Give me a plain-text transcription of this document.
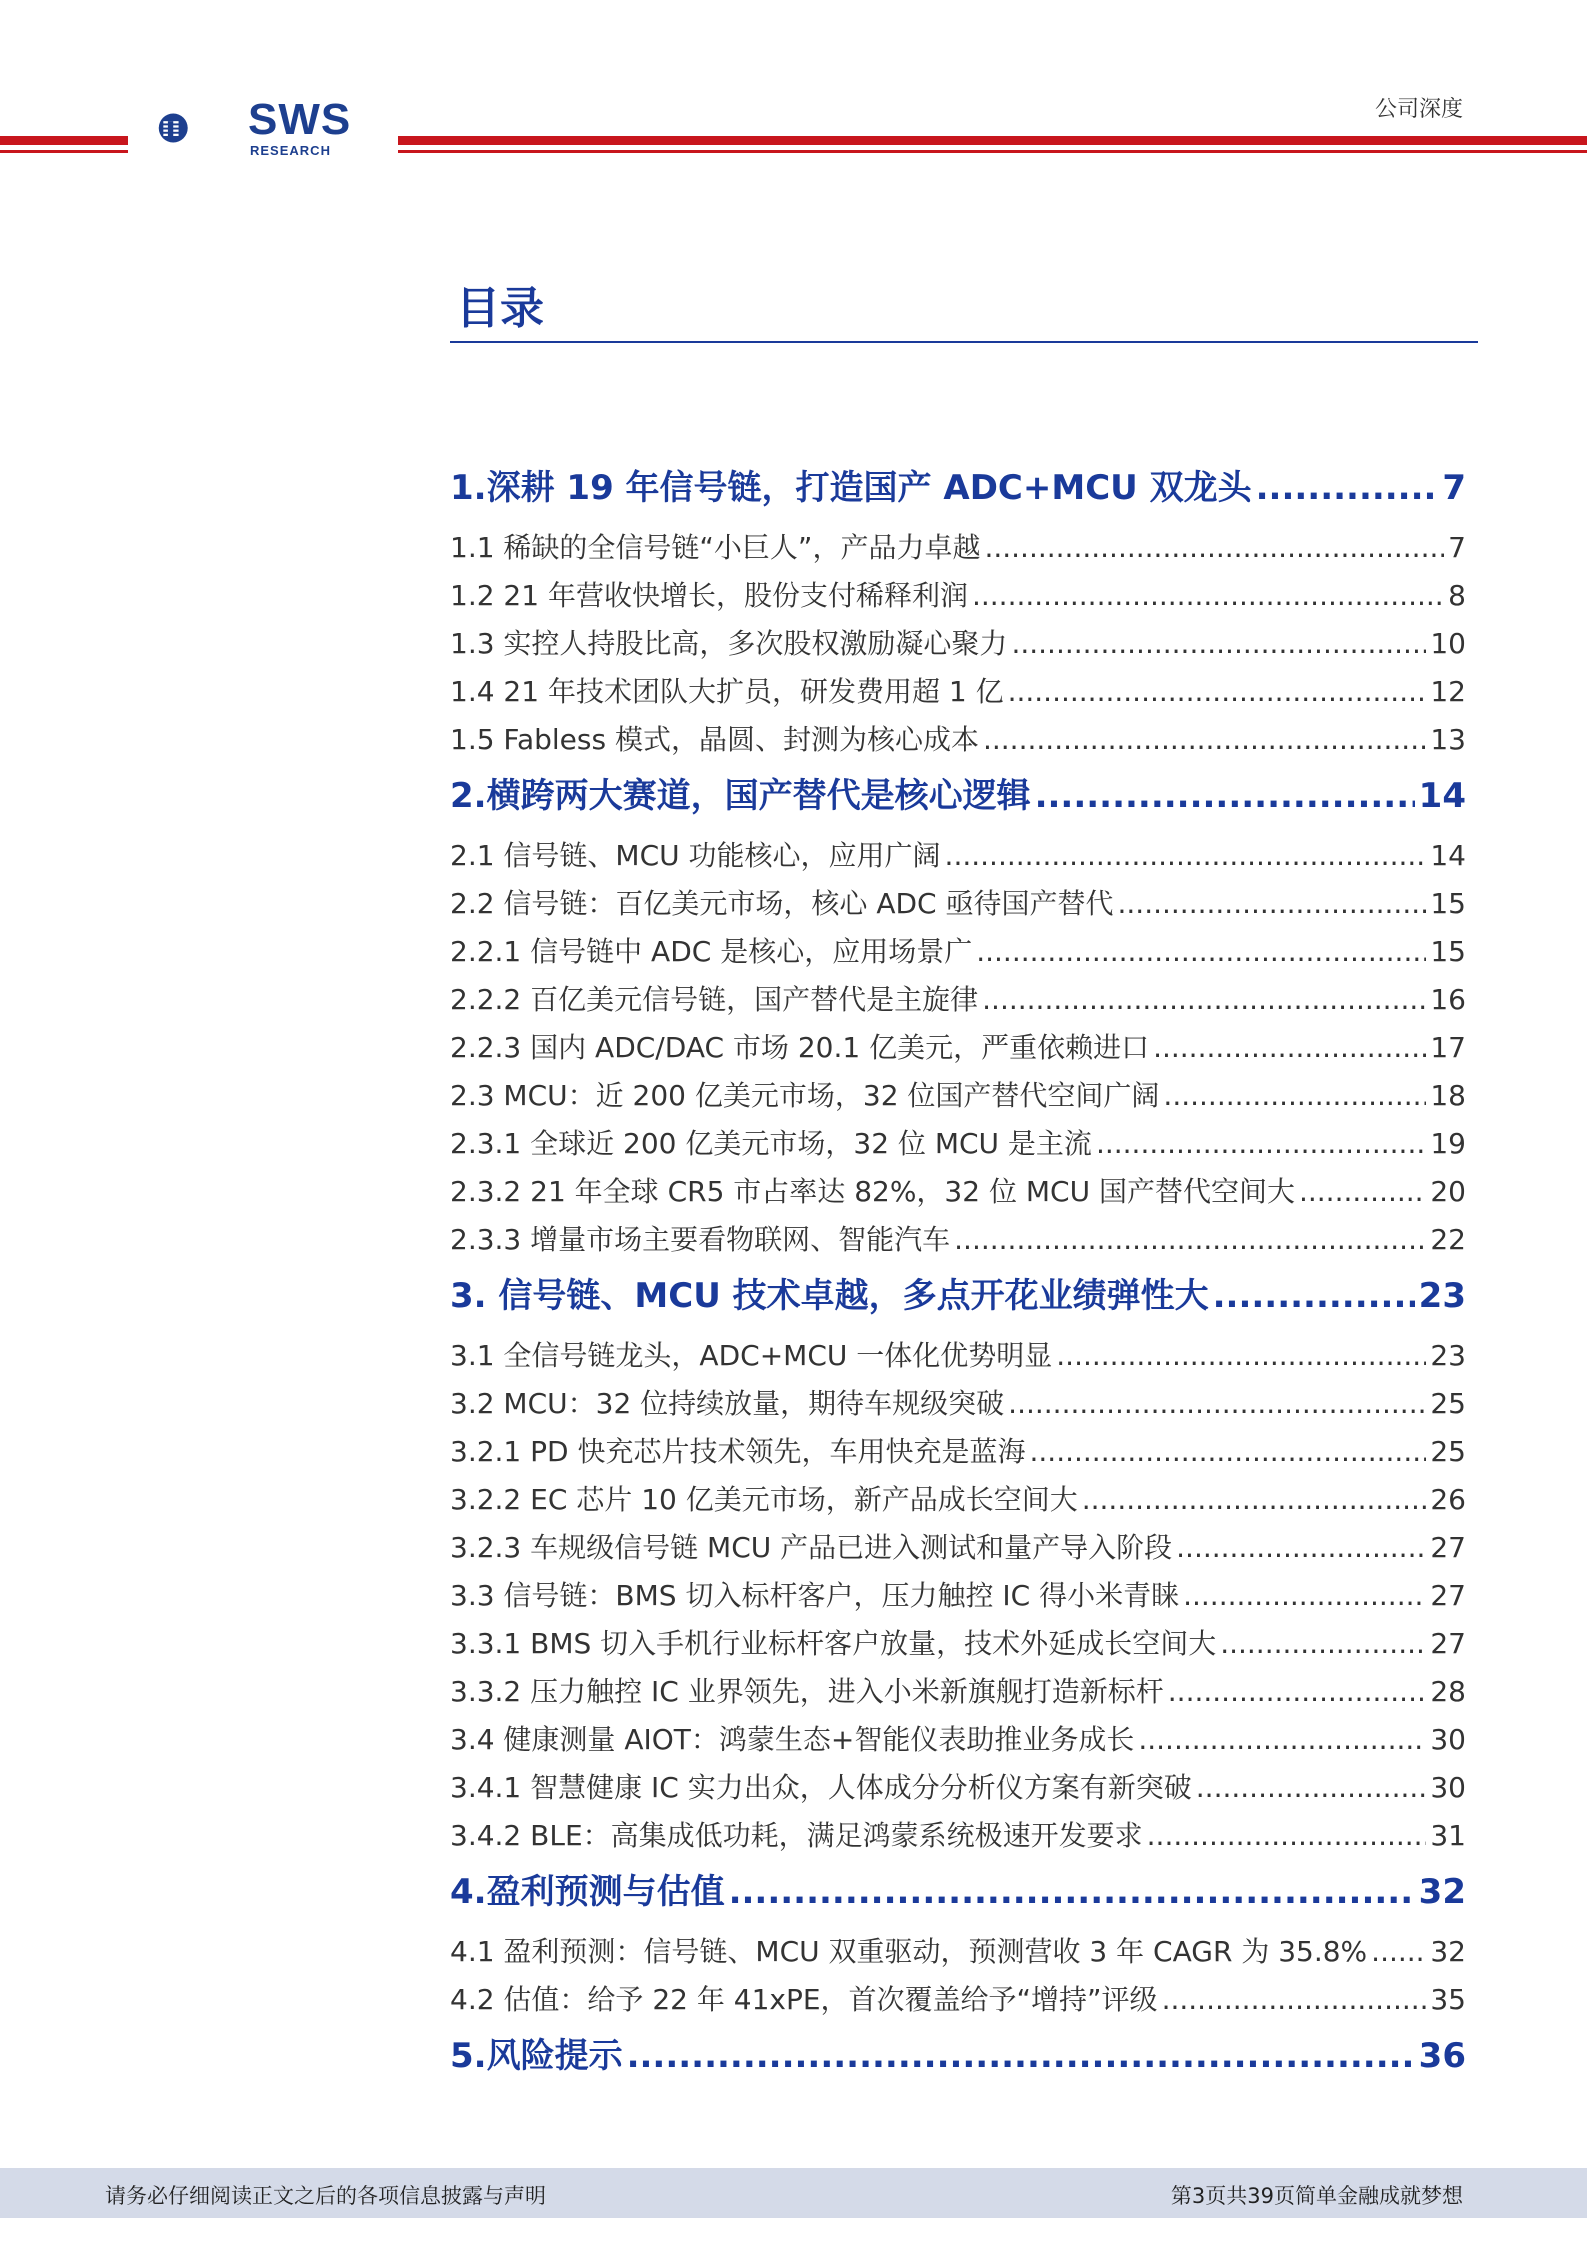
SWS
RESEARCH
公司深度
目录
1.深耕 19 年信号链，打造国产 ADC+MCU 双龙头 .....	7
1.1 稀缺的全信号链“小巨人”，产品力卓越 .....	7
1.2 21 年营收快增长，股份支付稀释利润 .....	8
1.3 实控人持股比高，多次股权激励凝心聚力 .....	10
1.4 21 年技术团队大扩员，研发费用超 1 亿 .....	12
1.5 Fabless 模式，晶圆、封测为核心成本 .....	13
2.横跨两大赛道，国产替代是核心逻辑 .....	14
2.1 信号链、MCU 功能核心，应用广阔 .....	14
2.2 信号链：百亿美元市场，核心 ADC 亟待国产替代 .....	15
2.2.1 信号链中 ADC 是核心，应用场景广 .....	15
2.2.2 百亿美元信号链，国产替代是主旋律 .....	16
2.2.3 国内 ADC/DAC 市场 20.1 亿美元，严重依赖进口 .....	17
2.3 MCU：近 200 亿美元市场，32 位国产替代空间广阔 .....	18
2.3.1 全球近 200 亿美元市场，32 位 MCU 是主流 .....	19
2.3.2 21 年全球 CR5 市占率达 82%，32 位 MCU 国产替代空间大 .....	20
2.3.3 增量市场主要看物联网、智能汽车 .....	22
3. 信号链、MCU 技术卓越，多点开花业绩弹性大 .....	23
3.1 全信号链龙头，ADC+MCU 一体化优势明显 .....	23
3.2 MCU：32 位持续放量，期待车规级突破 .....	25
3.2.1 PD 快充芯片技术领先，车用快充是蓝海 .....	25
3.2.2 EC 芯片 10 亿美元市场，新产品成长空间大 .....	26
3.2.3 车规级信号链 MCU 产品已进入测试和量产导入阶段 .....	27
3.3 信号链：BMS 切入标杆客户，压力触控 IC 得小米青睐 .....	27
3.3.1 BMS 切入手机行业标杆客户放量，技术外延成长空间大 .....	27
3.3.2 压力触控 IC 业界领先，进入小米新旗舰打造新标杆 .....	28
3.4 健康测量 AIOT：鸿蒙生态+智能仪表助推业务成长 .....	30
3.4.1 智慧健康 IC 实力出众，人体成分分析仪方案有新突破 .....	30
3.4.2 BLE：高集成低功耗，满足鸿蒙系统极速开发要求 .....	31
4.盈利预测与估值 .....	32
4.1 盈利预测：信号链、MCU 双重驱动，预测营收 3 年 CAGR 为 35.8% ..... 32
4.2 估值：给予 22 年 41xPE，首次覆盖给予“增持”评级 .....	35
5.风险提示 .....	36
请务必仔细阅读正文之后的各项信息披露与声明	第3页共39页简单金融成就梦想
